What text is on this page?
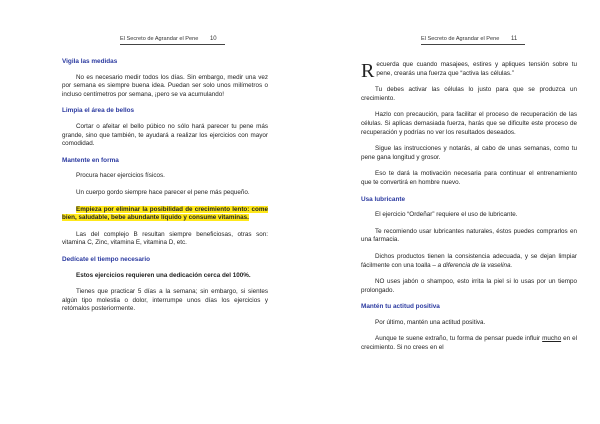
El Secreto de Agrandar el Pene 10
Vigila las medidas

No es necesario medir todos los días. Sin embargo, medir una vez por semana es siempre buena idea. Puedan ser solo unos milímetros o incluso centímetros por semana, ¡pero se va acumulando!

Limpia el área de bellos

Cortar o afeitar el bello púbico no sólo hará parecer tu pene más grande, sino que también, te ayudará a realizar los ejercicios con mayor comodidad.

Mantente en forma

Procura hacer ejercicios físicos.

Un cuerpo gordo siempre hace parecer el pene más pequeño.

Empieza por eliminar la posibilidad de crecimiento lento: come bien, saludable, bebe abundante líquido y consume vitaminas.

Las del complejo B resultan siempre beneficiosas, otras son: vitamina C, Zinc, vitamina E, vitamina D, etc.

Dedícate el tiempo necesario

Estos ejercicios requieren una dedicación cerca del 100%.

Tienes que practicar 5 días a la semana; sin embargo, si sientes algún tipo molestia o dolor, interrumpe unos días los ejercicios y retómalos posteriormente.

El Secreto de Agrandar el Pene 11

Recuerda que cuando masajees, estires y apliques tensión sobre tu pene, crearás una fuerza que “activa las células.”

Tu debes activar las células lo justo para que se produzca un crecimiento.

Hazlo con precaución, para facilitar el proceso de recuperación de las células. Si aplicas demasiada fuerza, harás que se dificulte este proceso de recuperación y podrías no ver los resultados deseados.

Sigue las instrucciones y notarás, al cabo de unas semanas, como tu pene gana longitud y grosor.

Eso te dará la motivación necesaria para continuar el entrenamiento que te convertirá en hombre nuevo.

Usa lubricante

El ejercicio “Ordeñar” requiere el uso de lubricante.

Te recomiendo usar lubricantes naturales, éstos puedes comprarlos en una farmacia.

Dichos productos tienen la consistencia adecuada, y se dejan limpiar fácilmente con una toalla – a diferencia de la vaselina.

NO uses jabón o shampoo, esto irrita la piel si lo usas por un tiempo prolongado.

Mantén tu actitud positiva

Por último, mantén una actitud positiva.

Aunque te suene extraño, tu forma de pensar puede influir mucho en el crecimiento. Si no crees en el
